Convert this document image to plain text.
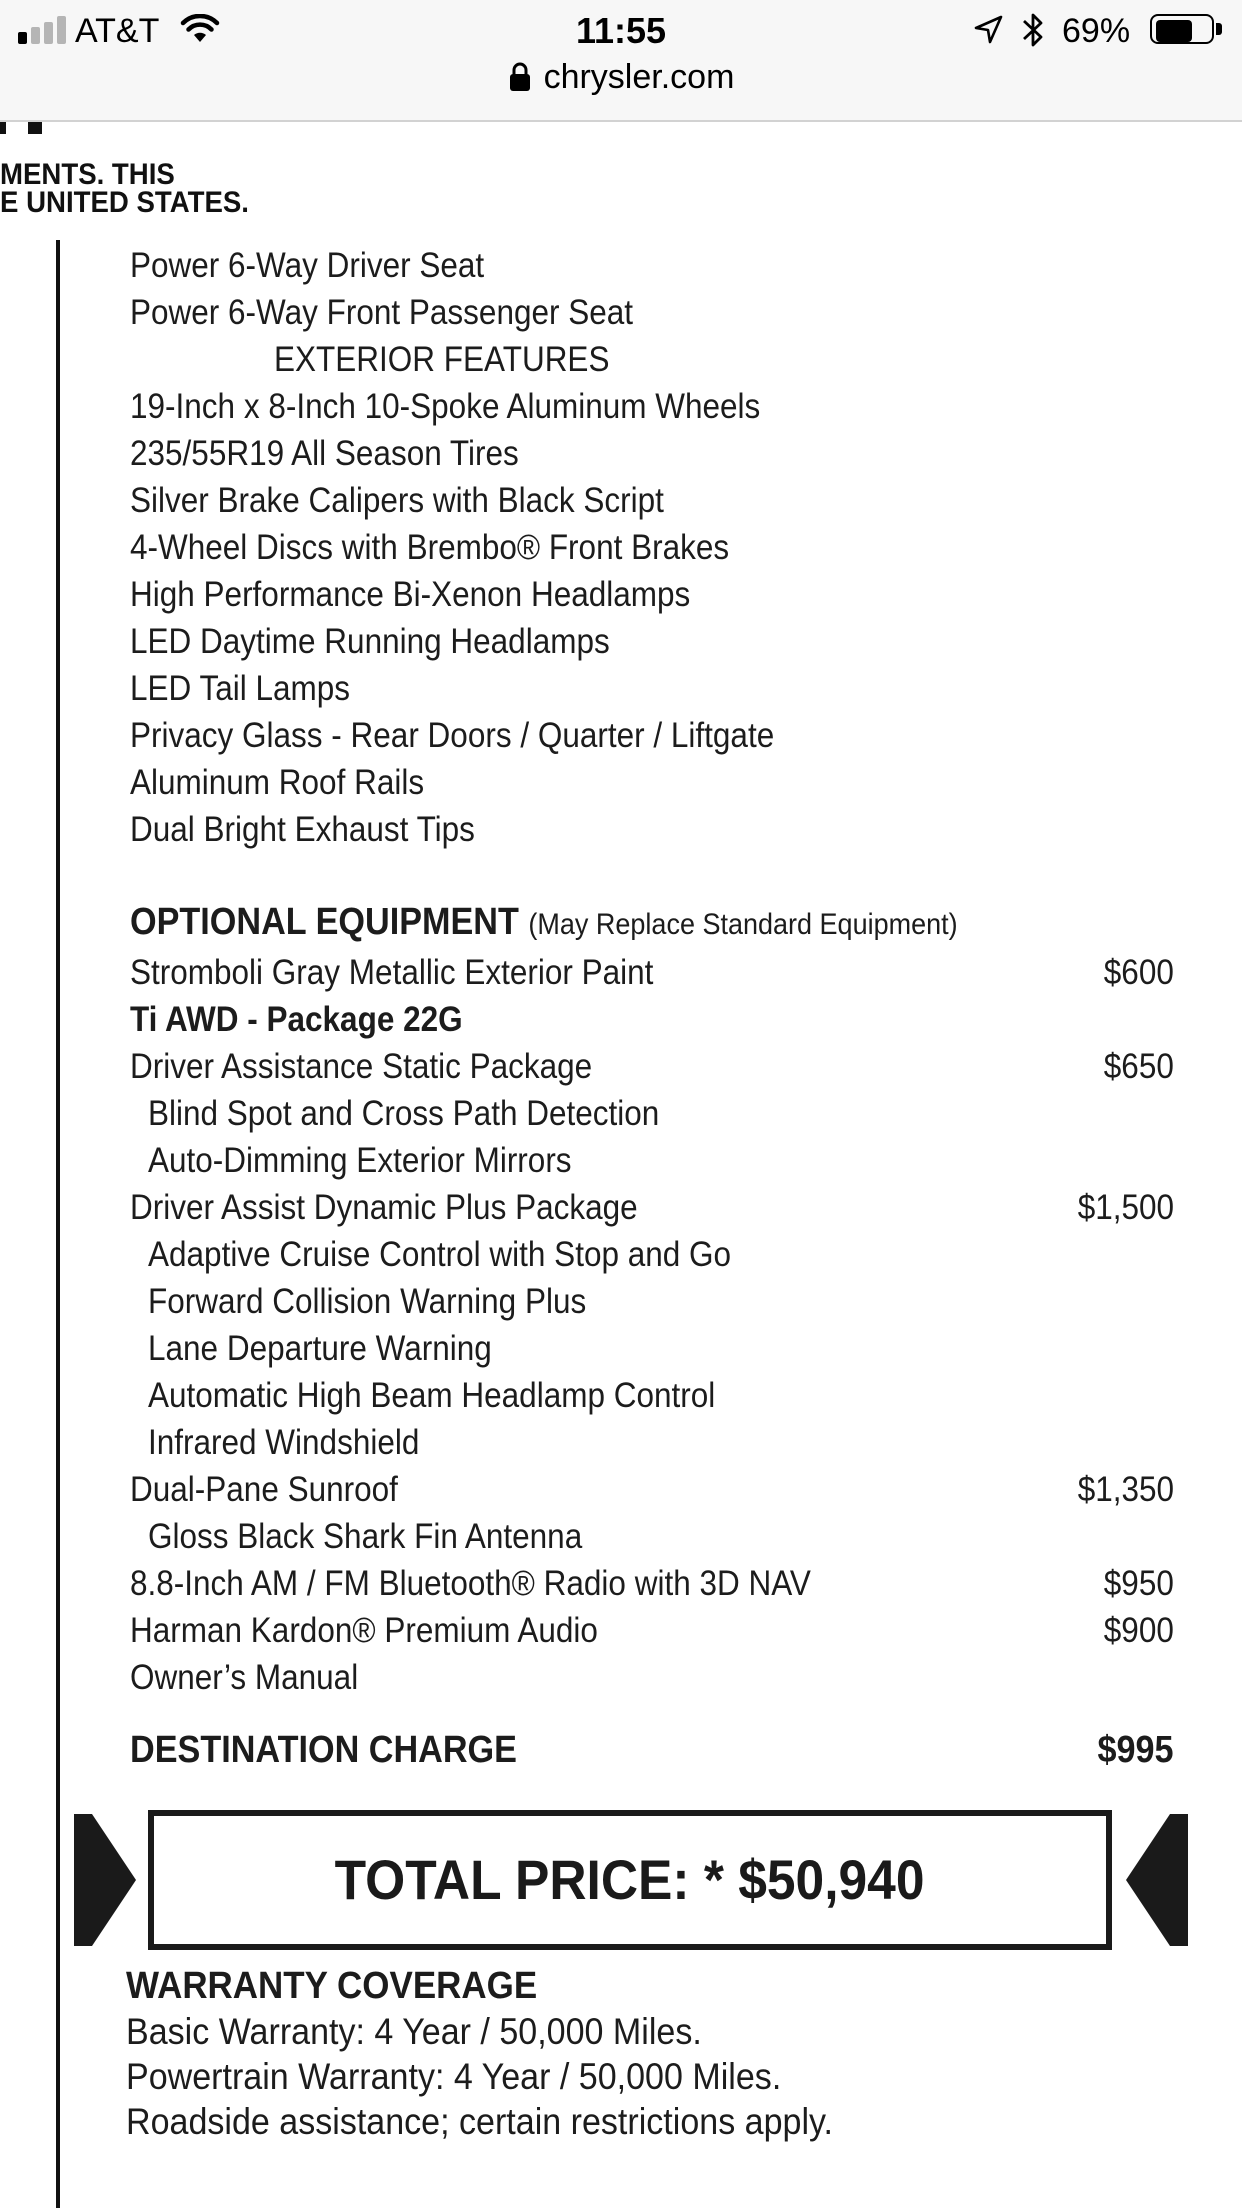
AT&T	11:55	69%
chrysler.com
MENTS. THIS
E UNITED STATES.
Power 6-Way Driver Seat
Power 6-Way Front Passenger Seat
EXTERIOR FEATURES
19-Inch x 8-Inch 10-Spoke Aluminum Wheels
235/55R19 All Season Tires
Silver Brake Calipers with Black Script
4-Wheel Discs with Brembo® Front Brakes
High Performance Bi-Xenon Headlamps
LED Daytime Running Headlamps
LED Tail Lamps
Privacy Glass - Rear Doors / Quarter / Liftgate
Aluminum Roof Rails
Dual Bright Exhaust Tips
OPTIONAL EQUIPMENT (May Replace Standard Equipment)
Stromboli Gray Metallic Exterior Paint	$600
Ti AWD - Package 22G
Driver Assistance Static Package	$650
Blind Spot and Cross Path Detection
Auto-Dimming Exterior Mirrors
Driver Assist Dynamic Plus Package	$1,500
Adaptive Cruise Control with Stop and Go
Forward Collision Warning Plus
Lane Departure Warning
Automatic High Beam Headlamp Control
Infrared Windshield
Dual-Pane Sunroof	$1,350
Gloss Black Shark Fin Antenna
8.8-Inch AM / FM Bluetooth® Radio with 3D NAV	$950
Harman Kardon® Premium Audio	$900
Owner’s Manual
DESTINATION CHARGE	$995
TOTAL PRICE: * $50,940
WARRANTY COVERAGE
Basic Warranty: 4 Year / 50,000 Miles.
Powertrain Warranty: 4 Year / 50,000 Miles.
Roadside assistance; certain restrictions apply.
